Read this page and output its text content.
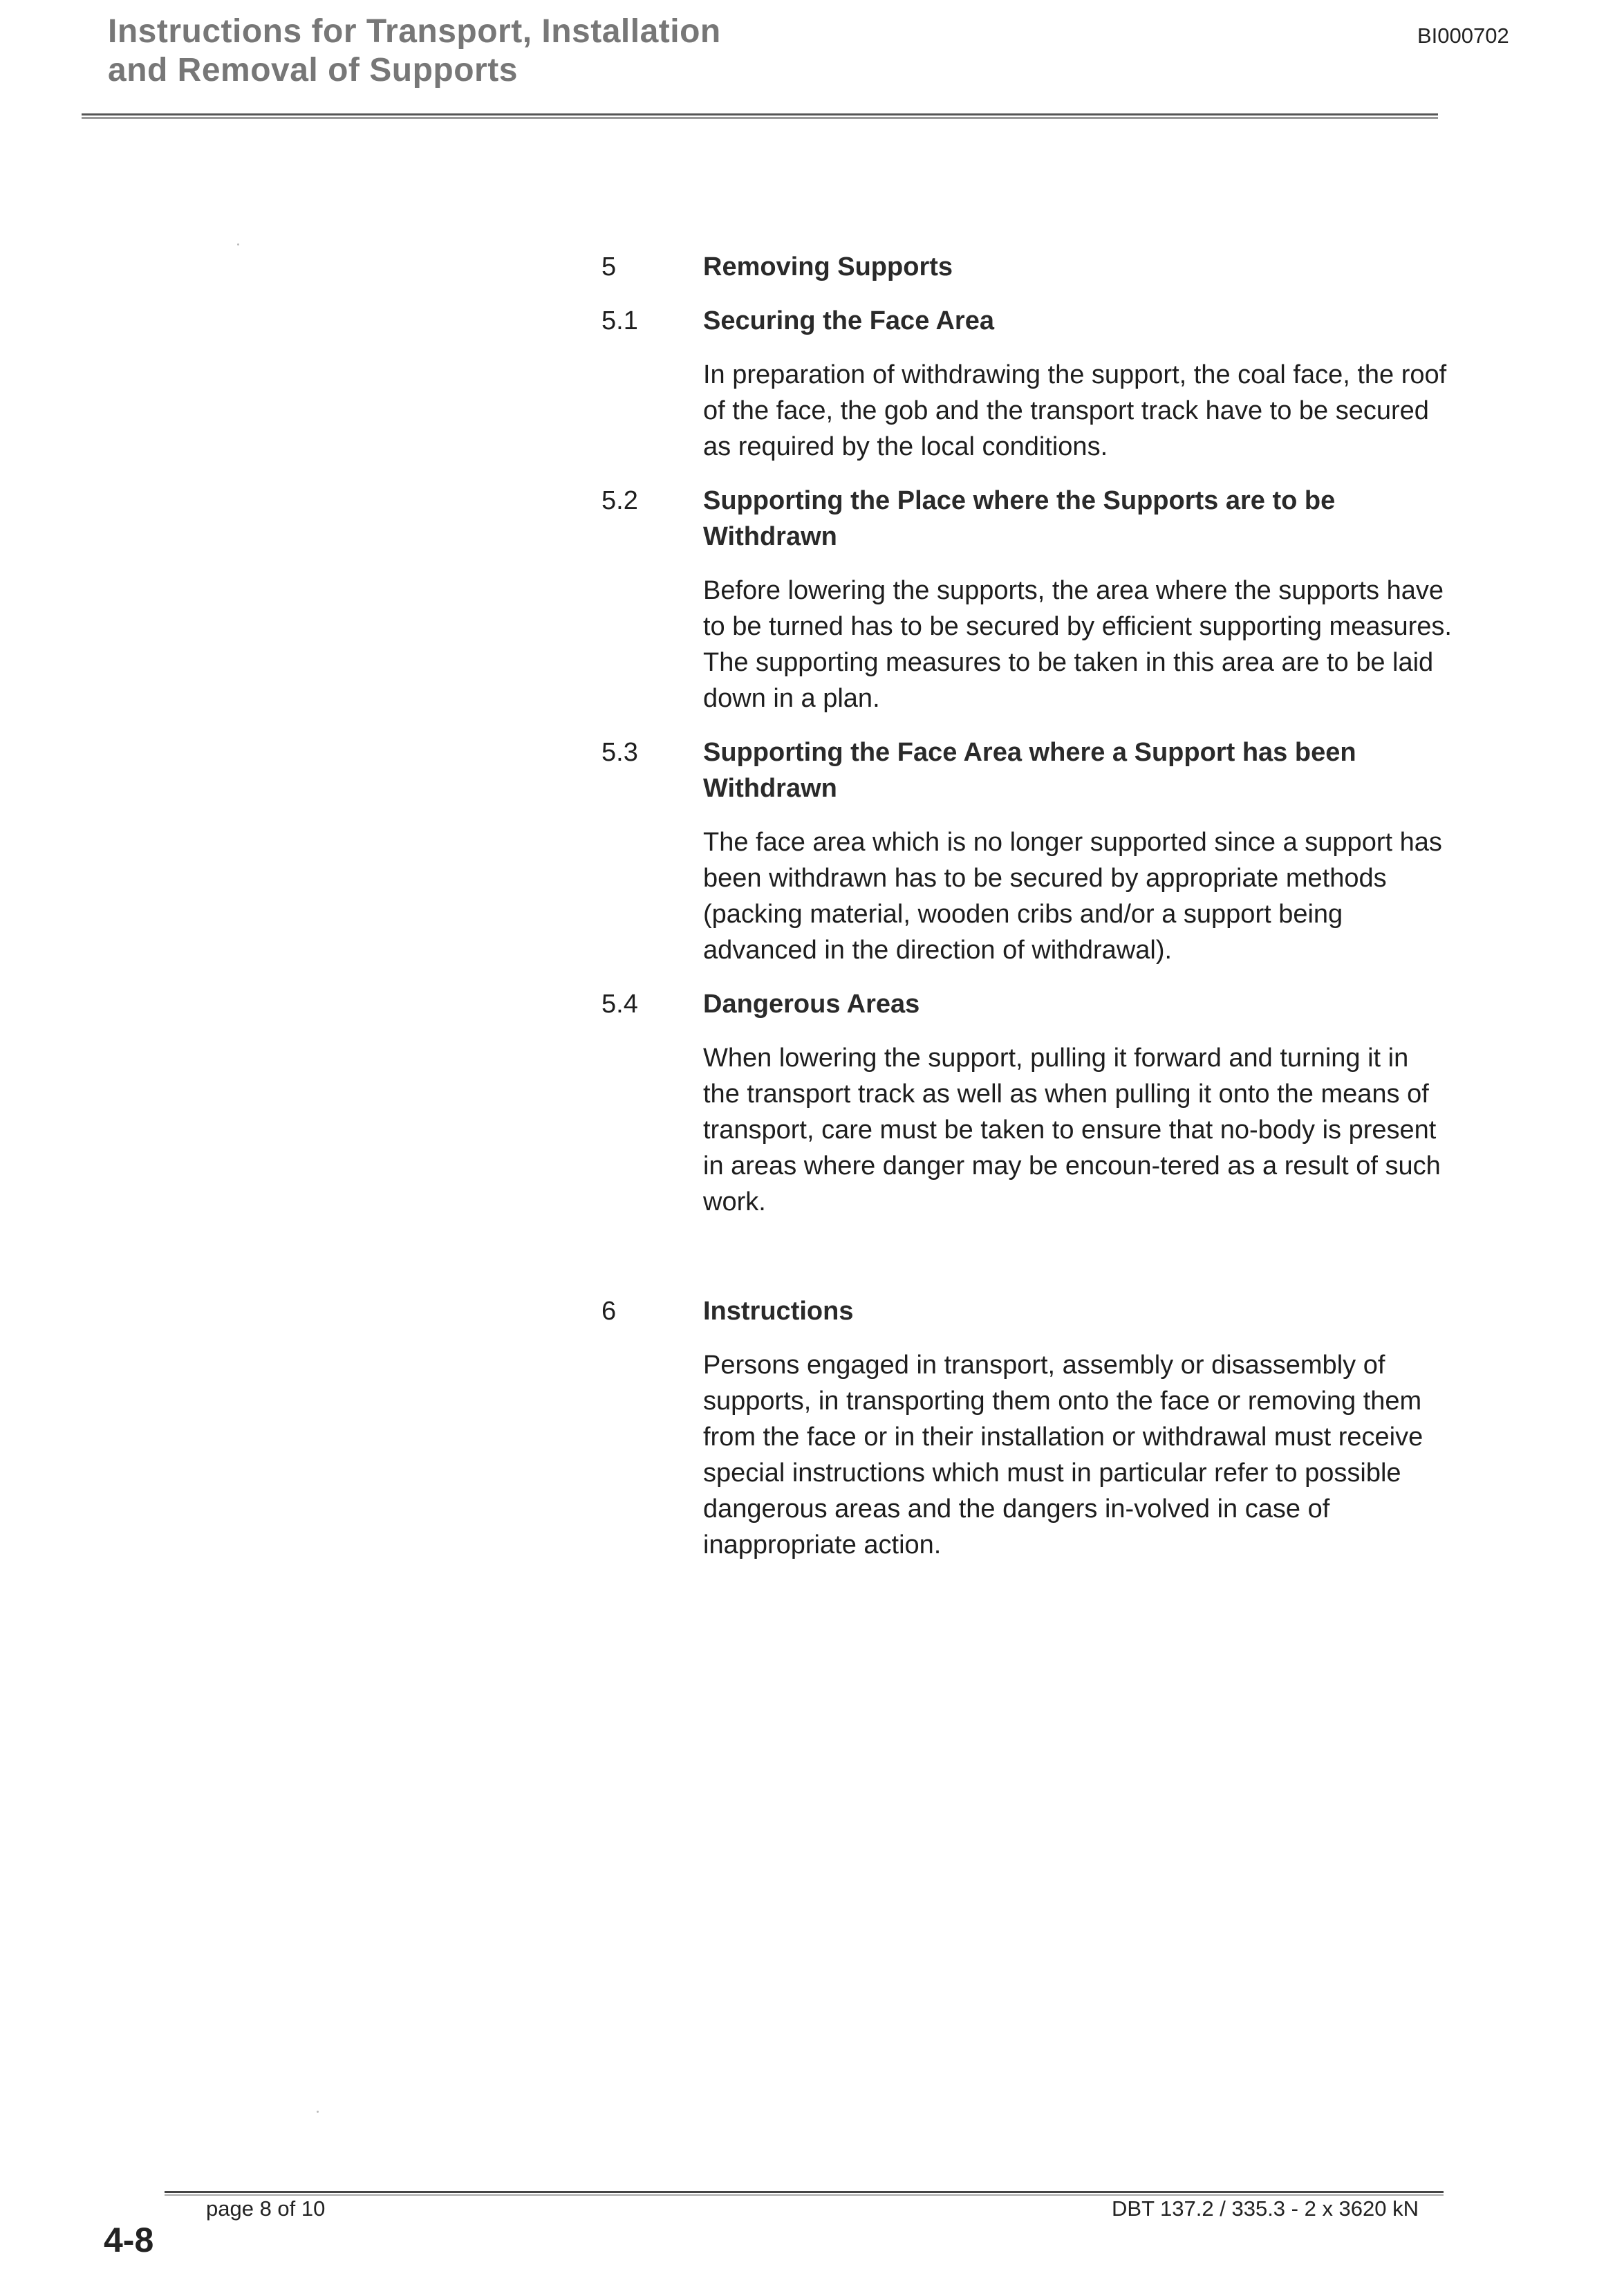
Instructions for Transport, Installation
and Removal of Supports
BI000702
5	Removing Supports
5.1 Securing the Face Area
In preparation of withdrawing the support, the coal face, the roof of the face, the gob and the transport track have to be secured as required by the local conditions.
5.2 Supporting the Place where the Supports are to be Withdrawn
Before lowering the supports, the area where the supports have to be turned has to be secured by efficient supporting measures. The supporting measures to be taken in this area are to be laid down in a plan.
5.3 Supporting the Face Area where a Support has been Withdrawn
The face area which is no longer supported since a support has been withdrawn has to be secured by appropriate methods (packing material, wooden cribs and/or a support being advanced in the direction of withdrawal).
5.4 Dangerous Areas
When lowering the support, pulling it forward and turning it in the transport track as well as when pulling it onto the means of transport, care must be taken to ensure that no-body is present in areas where danger may be encoun-tered as a result of such work.
6	Instructions
Persons engaged in transport, assembly or disassembly of supports, in transporting them onto the face or removing them from the face or in their installation or withdrawal must receive special instructions which must in particular refer to possible dangerous areas and the dangers in-volved in case of inappropriate action.
page 8 of 10	DBT 137.2 / 335.3 - 2 x 3620 kN
4-8
